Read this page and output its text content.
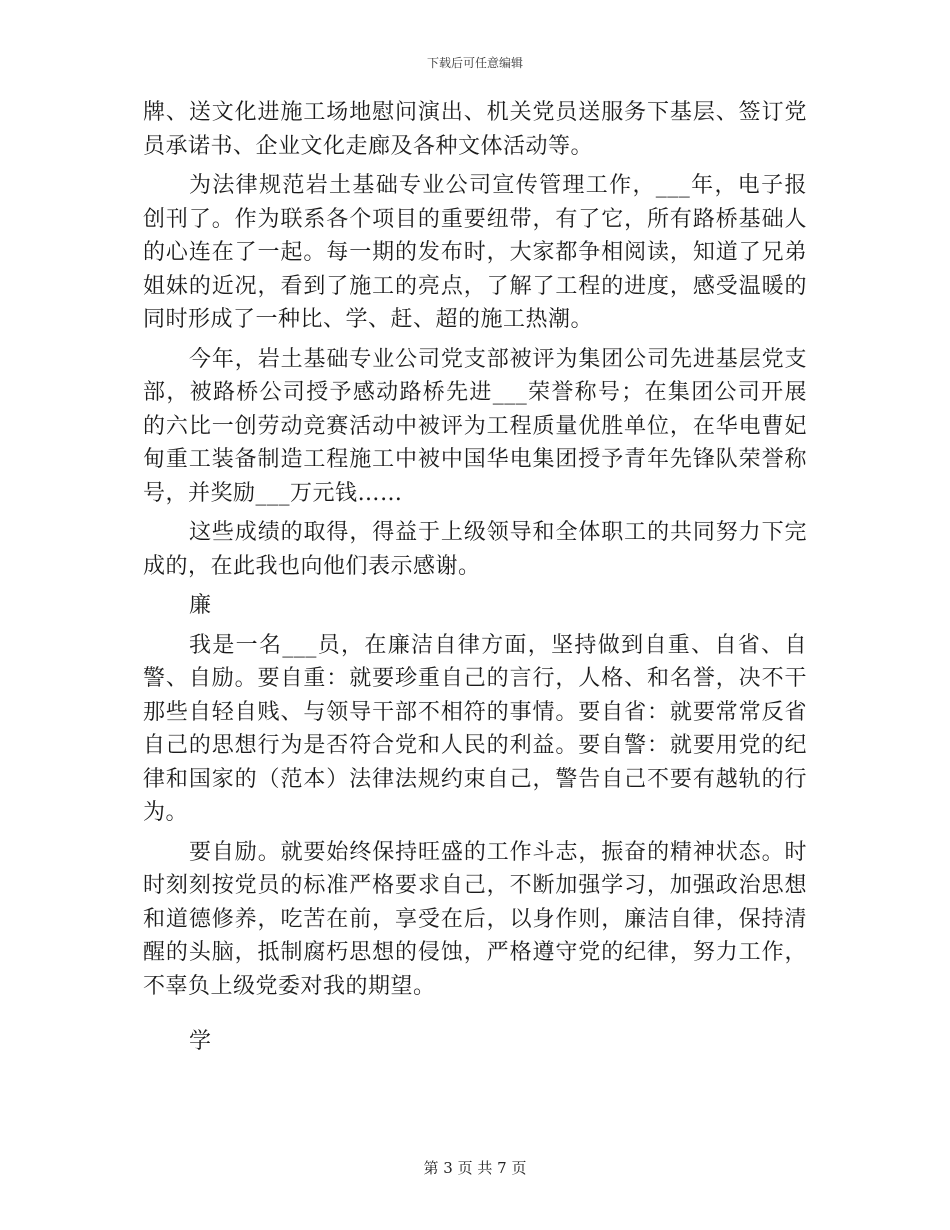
下载后可任意编辑

牌、送文化进施工场地慰问演出、机关党员送服务下基层、签订党员承诺书、企业文化走廊及各种文体活动等。

为法律规范岩土基础专业公司宣传管理工作，___年，电子报创刊了。作为联系各个项目的重要纽带，有了它，所有路桥基础人的心连在了一起。每一期的发布时，大家都争相阅读，知道了兄弟姐妹的近况，看到了施工的亮点，了解了工程的进度，感受温暖的同时形成了一种比、学、赶、超的施工热潮。

今年，岩土基础专业公司党支部被评为集团公司先进基层党支部，被路桥公司授予感动路桥先进___荣誉称号；在集团公司开展的六比一创劳动竞赛活动中被评为工程质量优胜单位，在华电曹妃甸重工装备制造工程施工中被中国华电集团授予青年先锋队荣誉称号，并奖励___万元钱……

这些成绩的取得，得益于上级领导和全体职工的共同努力下完成的，在此我也向他们表示感谢。

廉

我是一名___员，在廉洁自律方面，坚持做到自重、自省、自警、自励。要自重：就要珍重自己的言行，人格、和名誉，决不干那些自轻自贱、与领导干部不相符的事情。要自省：就要常常反省自己的思想行为是否符合党和人民的利益。要自警：就要用党的纪律和国家的（范本）法律法规约束自己，警告自己不要有越轨的行为。

要自励。就要始终保持旺盛的工作斗志，振奋的精神状态。时时刻刻按党员的标准严格要求自己，不断加强学习，加强政治思想和道德修养，吃苦在前，享受在后，以身作则，廉洁自律，保持清醒的头脑，抵制腐朽思想的侵蚀，严格遵守党的纪律，努力工作，不辜负上级党委对我的期望。

学

第 3 页 共 7 页
